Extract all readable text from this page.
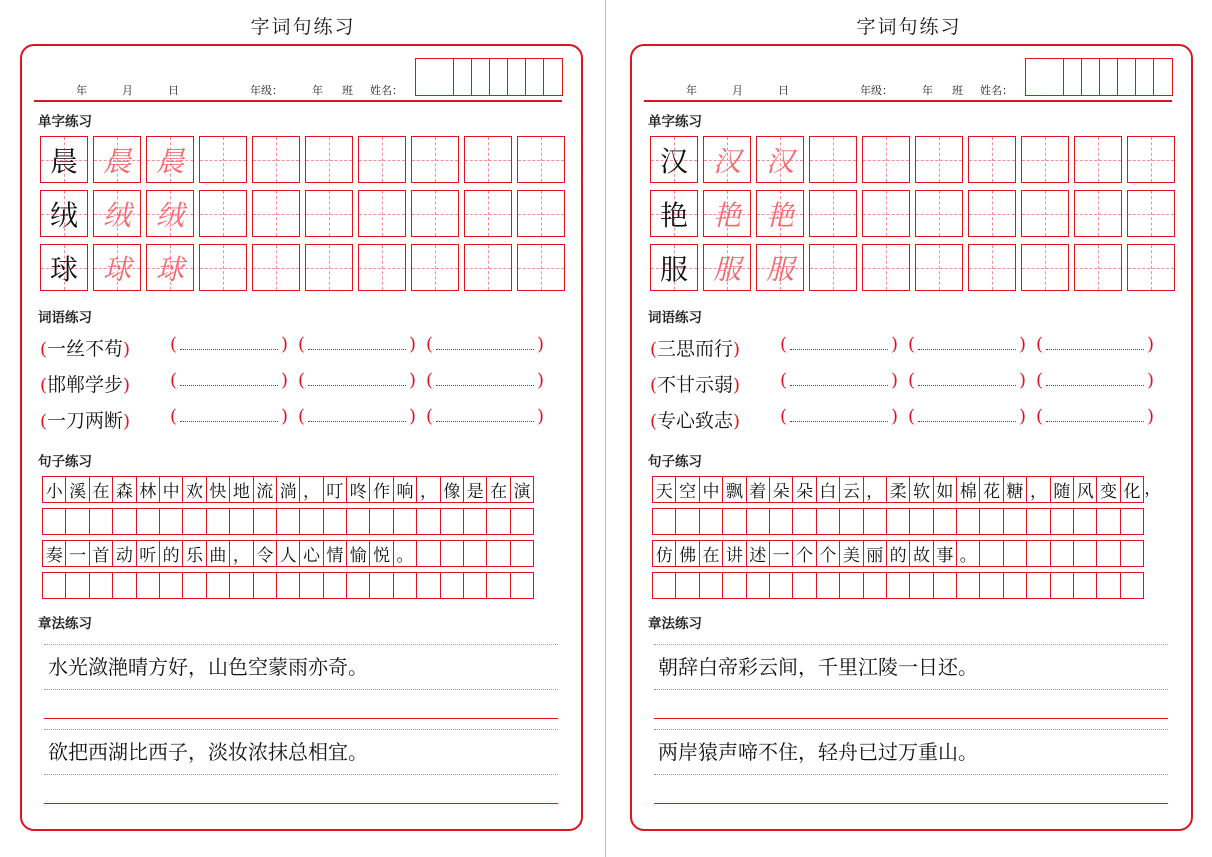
字词句练习
年	月	日	年级：	年 班 姓名：
单字练习
晨 晨 晨
绒 绒 绒
球 球 球
词语练习
(一丝不苟) (	) (	) (	)
(邯郸学步) (	) (	) (	)
(一刀两断) (	) (	) (	)
句子练习
小 溪 在 森 林 中 欢 快 地 流 淌 ， 叮 咚 作 响 ， 像 是 在 演
奏 一 首 动 听 的 乐 曲 ， 令 人 心 情 愉 悦 。
章法练习
水光潋滟晴方好，山色空蒙雨亦奇。
欲把西湖比西子，淡妆浓抹总相宜。
字词句练习
年	月	日	年级：	年 班 姓名：
单字练习
汉 汉 汉
艳 艳 艳
服 服 服
词语练习
(三思而行) (	) (	) (	)
(不甘示弱) (	) (	) (	)
(专心致志) (	) (	) (	)
句子练习
天 空 中 飘 着 朵 朵 白 云 ， 柔 软 如 棉 花 糖 ， 随 风 变 化 ，
仿 佛 在 讲 述 一 个 个 美 丽 的 故 事 。
章法练习
朝辞白帝彩云间，千里江陵一日还。
两岸猿声啼不住，轻舟已过万重山。
